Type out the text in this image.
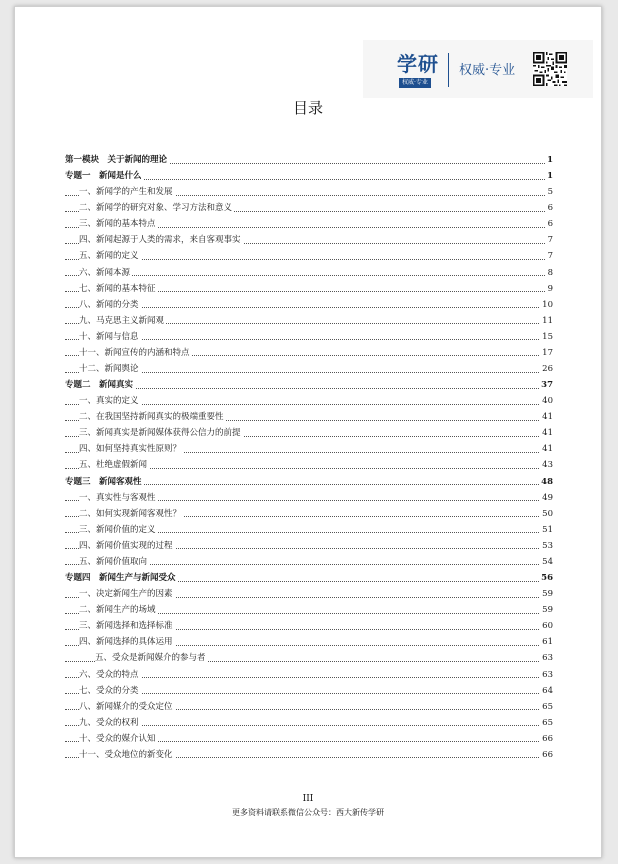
学研
权威·专业
权威·专业
目录
第一模块　关于新闻的理论	1
专题一　新闻是什么	1
一、新闻学的产生和发展	5
二、新闻学的研究对象、学习方法和意义	6
三、新闻的基本特点	6
四、新闻起源于人类的需求，来自客观事实	7
五、新闻的定义	7
六、新闻本源	8
七、新闻的基本特征	9
八、新闻的分类	10
九、马克思主义新闻观	11
十、新闻与信息	15
十一、新闻宣传的内涵和特点	17
十二、新闻舆论	26
专题二　新闻真实	37
一、真实的定义	40
二、在我国坚持新闻真实的极端重要性	41
三、新闻真实是新闻媒体获得公信力的前提	41
四、如何坚持真实性原则？	41
五、杜绝虚假新闻	43
专题三　新闻客观性	48
一、真实性与客观性	49
二、如何实现新闻客观性？	50
三、新闻价值的定义	51
四、新闻价值实现的过程	53
五、新闻价值取向	54
专题四　新闻生产与新闻受众	56
一、决定新闻生产的因素	59
二、新闻生产的场域	59
三、新闻选择和选择标准	60
四、新闻选择的具体运用	61
五、受众是新闻媒介的参与者	63
六、受众的特点	63
七、受众的分类	64
八、新闻媒介的受众定位	65
九、受众的权利	65
十、受众的媒介认知	66
十一、受众地位的新变化	66
III
更多资料请联系微信公众号：西大新传学研
